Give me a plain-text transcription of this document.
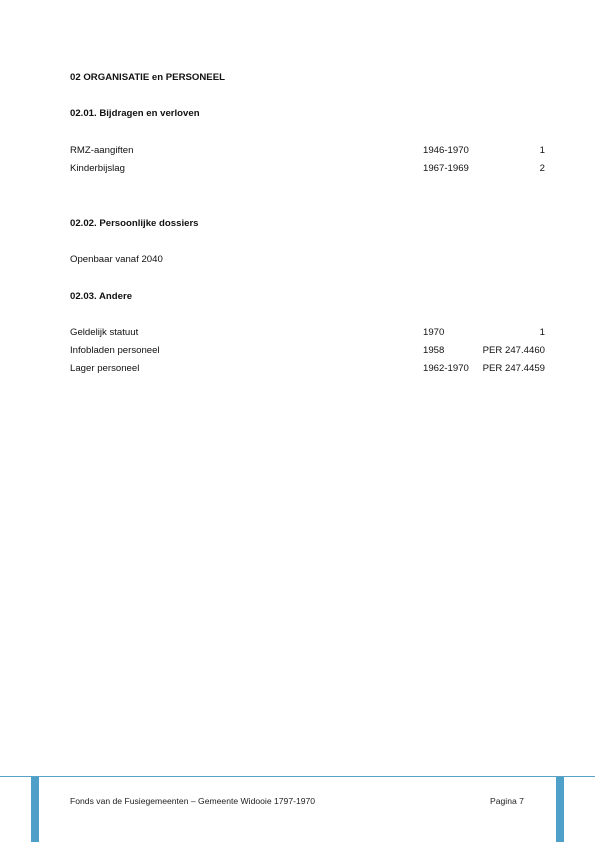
02 ORGANISATIE en PERSONEEL
02.01. Bijdragen en verloven
RMZ-aangiften	1946-1970	1
Kinderbijslag	1967-1969	2
02.02. Persoonlijke dossiers
Openbaar vanaf 2040
02.03. Andere
Geldelijk statuut	1970	1
Infobladen personeel	1958	PER 247.4460
Lager personeel	1962-1970	PER 247.4459
Fonds van de Fusiegemeenten – Gemeente Widooie 1797-1970	Pagina 7
